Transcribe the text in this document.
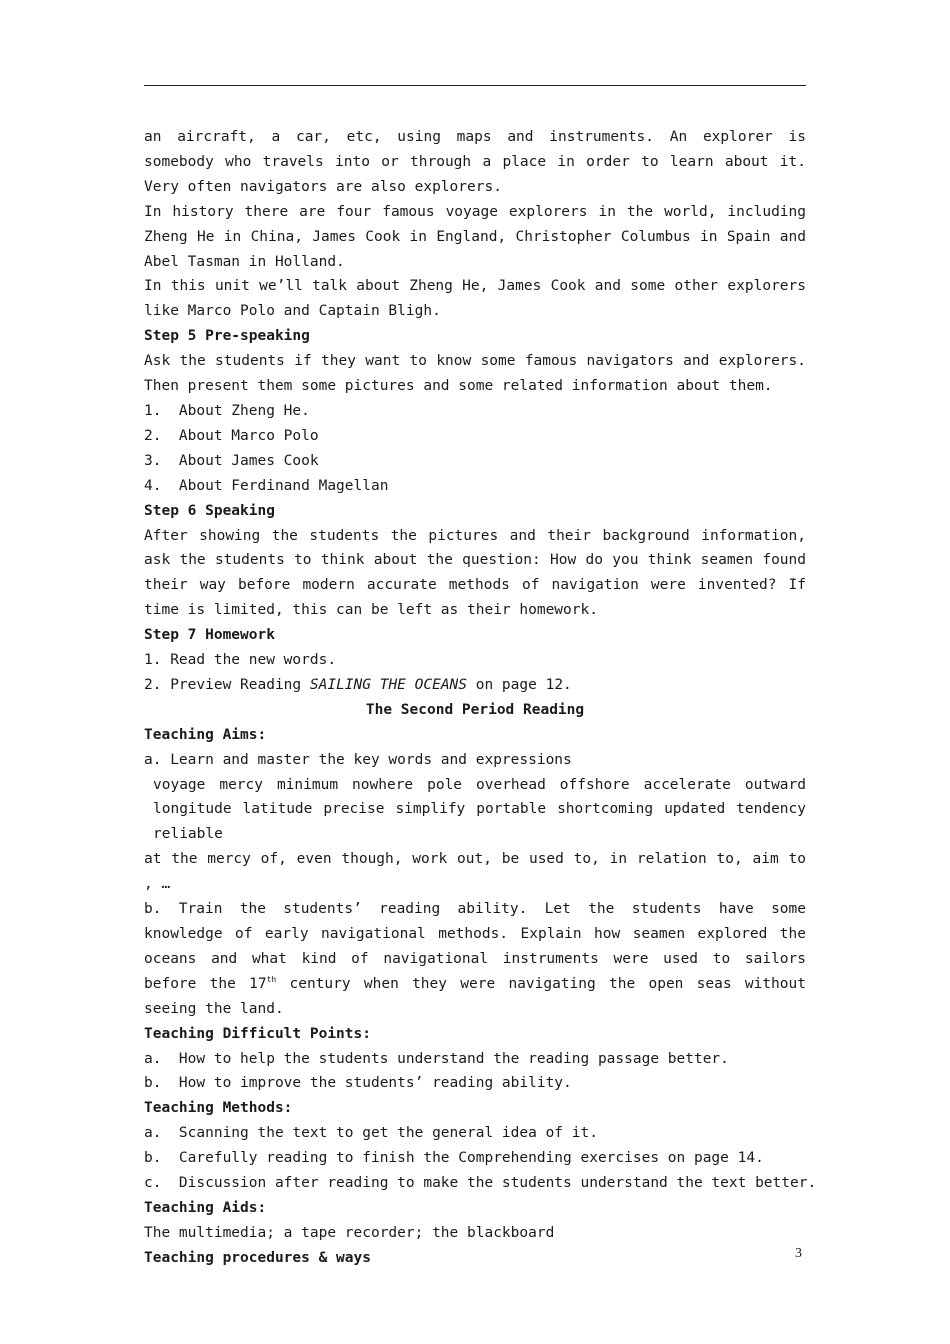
an aircraft, a car, etc, using maps and instruments. An explorer is somebody who travels into or through a place in order to learn about it. Very often navigators are also explorers.

In history there are four famous voyage explorers in the world, including Zheng He in China, James Cook in England, Christopher Columbus in Spain and Abel Tasman in Holland.

In this unit we’ll talk about Zheng He, James Cook and some other explorers like Marco Polo and Captain Bligh.

Step 5 Pre-speaking

Ask the students if they want to know some famous navigators and explorers. Then present them some pictures and some related information about them.

1.  About Zheng He.

2.  About Marco Polo

3.  About James Cook

4.  About Ferdinand Magellan

Step 6 Speaking

After showing the students the pictures and their background information, ask the students to think about the question: How do you think seamen found their way before modern accurate methods of navigation were invented? If time is limited, this can be left as their homework.

Step 7 Homework

1. Read the new words.

2. Preview Reading SAILING THE OCEANS on page 12.

The Second Period Reading

Teaching Aims:

a. Learn and master the key words and expressions

voyage mercy minimum nowhere pole overhead offshore accelerate outward longitude latitude precise simplify portable shortcoming updated tendency reliable

at the mercy of, even though, work out, be used to, in relation to, aim to , …

b. Train the students’ reading ability. Let the students have some knowledge of early navigational methods. Explain how seamen explored the oceans and what kind of navigational instruments were used to sailors before the 17th century when they were navigating the open seas without seeing the land.

Teaching Difficult Points:

a.  How to help the students understand the reading passage better.

b.  How to improve the students’ reading ability.

Teaching Methods:

a.  Scanning the text to get the general idea of it.

b.  Carefully reading to finish the Comprehending exercises on page 14.

c.  Discussion after reading to make the students understand the text better.

Teaching Aids:

The multimedia; a tape recorder; the blackboard

Teaching procedures & ways	3
